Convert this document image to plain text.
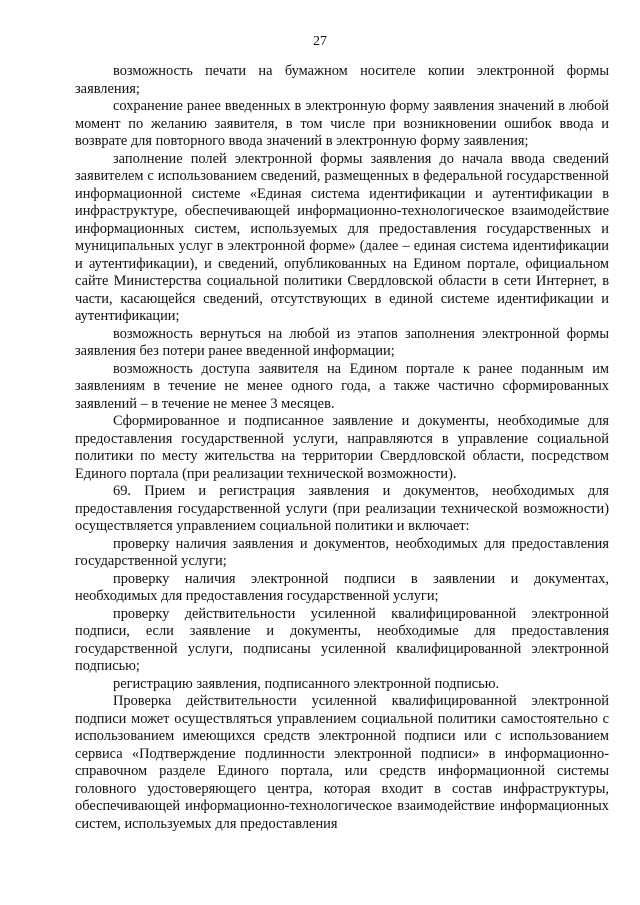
27

возможность печати на бумажном носителе копии электронной формы заявления;

сохранение ранее введенных в электронную форму заявления значений в любой момент по желанию заявителя, в том числе при возникновении ошибок ввода и возврате для повторного ввода значений в электронную форму заявления;

заполнение полей электронной формы заявления до начала ввода сведений заявителем с использованием сведений, размещенных в федеральной государственной информационной системе «Единая система идентификации и аутентификации в инфраструктуре, обеспечивающей информационно-технологическое взаимодействие информационных систем, используемых для предоставления государственных и муниципальных услуг в электронной форме» (далее – единая система идентификации и аутентификации), и сведений, опубликованных на Едином портале, официальном сайте Министерства социальной политики Свердловской области в сети Интернет, в части, касающейся сведений, отсутствующих в единой системе идентификации и аутентификации;

возможность вернуться на любой из этапов заполнения электронной формы заявления без потери ранее введенной информации;

возможность доступа заявителя на Едином портале к ранее поданным им заявлениям в течение не менее одного года, а также частично сформированных заявлений – в течение не менее 3 месяцев.

Сформированное и подписанное заявление и документы, необходимые для предоставления государственной услуги, направляются в управление социальной политики по месту жительства на территории Свердловской области, посредством Единого портала (при реализации технической возможности).

69. Прием и регистрация заявления и документов, необходимых для предоставления государственной услуги (при реализации технической возможности) осуществляется управлением социальной политики и включает:

проверку наличия заявления и документов, необходимых для предоставления государственной услуги;

проверку наличия электронной подписи в заявлении и документах, необходимых для предоставления государственной услуги;

проверку действительности усиленной квалифицированной электронной подписи, если заявление и документы, необходимые для предоставления государственной услуги, подписаны усиленной квалифицированной электронной подписью;

регистрацию заявления, подписанного электронной подписью.

Проверка действительности усиленной квалифицированной электронной подписи может осуществляться управлением социальной политики самостоятельно с использованием имеющихся средств электронной подписи или с использованием сервиса «Подтверждение подлинности электронной подписи» в информационно-справочном разделе Единого портала, или средств информационной системы головного удостоверяющего центра, которая входит в состав инфраструктуры, обеспечивающей информационно-технологическое взаимодействие информационных систем, используемых для предоставления
